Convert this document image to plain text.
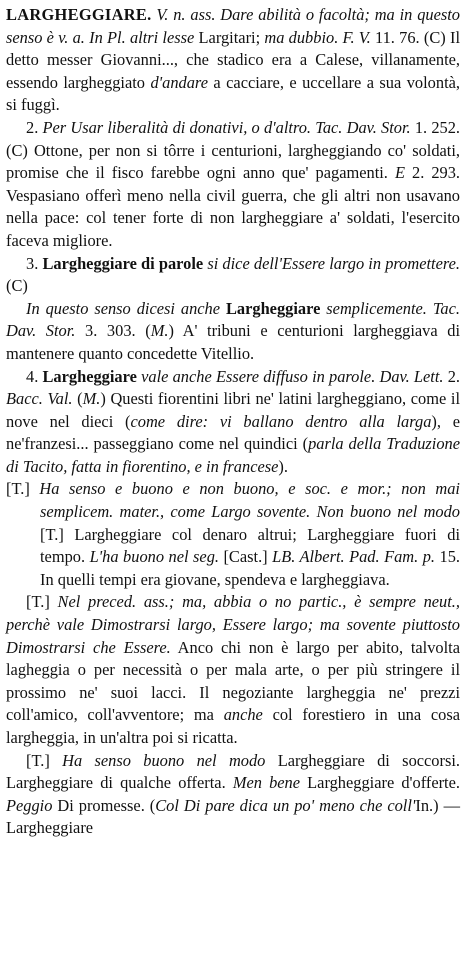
LARGHEGGIARE. V. n. ass. Dare abilità o facoltà; ma in questo senso è v. a. In Pl. altri lesse Largitari; ma dubbio. F. V. 11. 76. (C) Il detto messer Giovanni..., che stadico era a Calese, villanamente, essendo largheggiato d'andare a cacciare, e uccellare a sua volontà, si fuggì.

2. Per Usar liberalità di donativi, o d'altro. Tac. Dav. Stor. 1. 252. (C) Ottone, per non si tôrre i centurioni, largheggiando co' soldati, promise che il fisco farebbe ogni anno que' pagamenti. E 2. 293. Vespasiano offerì meno nella civil guerra, che gli altri non usavano nella pace: col tener forte di non largheggiare a' soldati, l'esercito faceva migliore.

3. Largheggiare di parole si dice dell'Essere largo in promettere. (C)

In questo senso dicesi anche Largheggiare semplicemente. Tac. Dav. Stor. 3. 303. (M.) A' tribuni e centurioni largheggiava di mantenere quanto concedette Vitellio.

4. Largheggiare vale anche Essere diffuso in parole. Dav. Lett. 2. Bacc. Val. (M.) Questi fiorentini libri ne' latini largheggiano, come il nove nel dieci (come dire: vi ballano dentro alla larga), e ne'franzesi... passeggiano come nel quindici (parla della Traduzione di Tacito, fatta in fiorentino, e in francese).

[T.] Ha senso e buono e non buono, e soc. e mor.; non mai semplicem. mater., come Largo sovente. Non buono nel modo [T.] Largheggiare col denaro altrui; Largheggiare fuori di tempo. L'ha buono nel seg. [Cast.] LB. Albert. Pad. Fam. p. 15. In quelli tempi era giovane, spendeva e largheggiava.

[T.] Nel preced. ass.; ma, abbia o no partic., è sempre neut., perchè vale Dimostrarsi largo, Essere largo; ma sovente piuttosto Dimostrarsi che Essere. Anco chi non è largo per abito, talvolta lagheggia o per necessità o per mala arte, o per più stringere il prossimo ne' suoi lacci. Il negoziante largheggia ne' prezzi coll'amico, coll'avventore; ma anche col forestiero in una cosa largheggia, in un'altra poi si ricatta.

[T.] Ha senso buono nel modo Largheggiare di soccorsi. Largheggiare di qualche offerta. Men bene Largheggiare d'offerte. Peggio Di promesse. (Col Di pare dica un po' meno che coll'In.) — Largheggiare
